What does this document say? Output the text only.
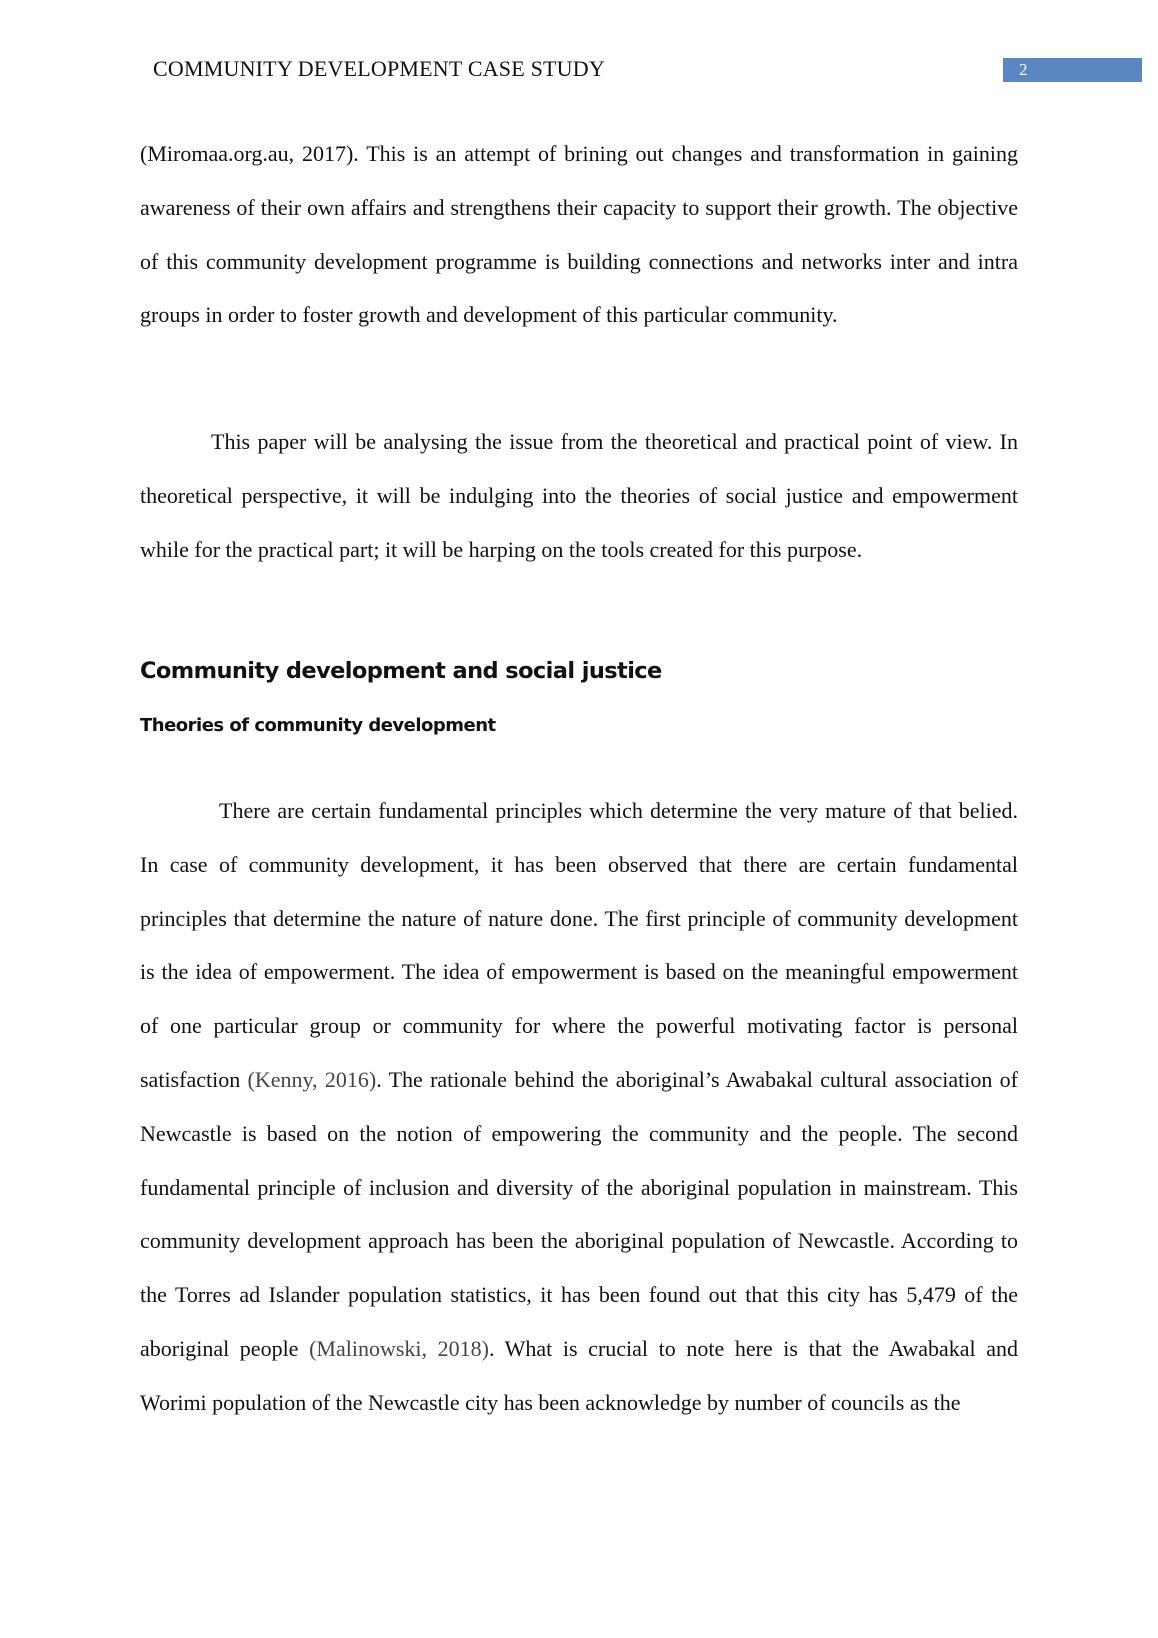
COMMUNITY DEVELOPMENT CASE STUDY	2

(Miromaa.org.au, 2017). This is an attempt of brining out changes and transformation in gaining awareness of their own affairs and strengthens their capacity to support their growth. The objective of this community development programme is building connections and networks inter and intra groups in order to foster growth and development of this particular community.

This paper will be analysing the issue from the theoretical and practical point of view. In theoretical perspective, it will be indulging into the theories of social justice and empowerment while for the practical part; it will be harping on the tools created for this purpose.

Community development and social justice
Theories of community development

There are certain fundamental principles which determine the very mature of that belied. In case of community development, it has been observed that there are certain fundamental principles that determine the nature of nature done. The first principle of community development is the idea of empowerment. The idea of empowerment is based on the meaningful empowerment of one particular group or community for where the powerful motivating factor is personal satisfaction (Kenny, 2016). The rationale behind the aboriginal’s Awabakal cultural association of Newcastle is based on the notion of empowering the community and the people. The second fundamental principle of inclusion and diversity of the aboriginal population in mainstream. This community development approach has been the aboriginal population of Newcastle. According to the Torres ad Islander population statistics, it has been found out that this city has 5,479 of the aboriginal people (Malinowski, 2018). What is crucial to note here is that the Awabakal and Worimi population of the Newcastle city has been acknowledge by number of councils as the
